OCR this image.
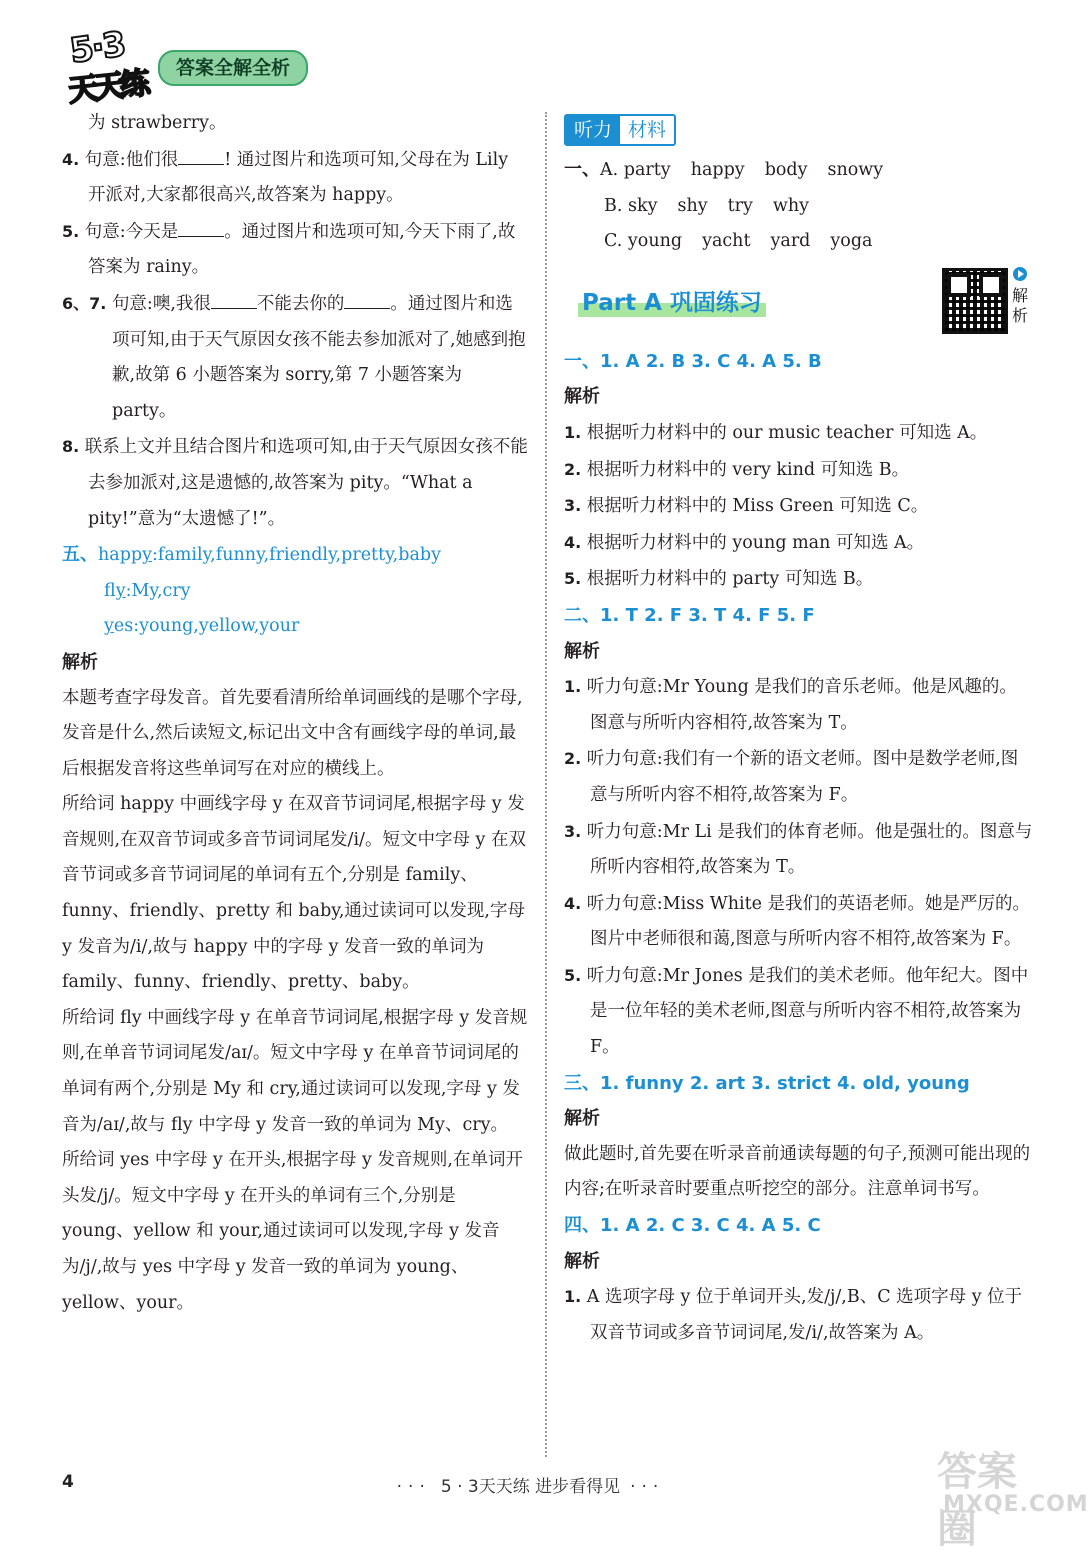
5·3
天天练	答案全解全析

为 strawberry。

4. 句意:他们很	! 通过图片和选项可知,父母在为 Lily 开派对,大家都很高兴,故答案为 happy。

5. 句意:今天是	。通过图片和选项可知,今天下雨了,故答案为 rainy。

6、7. 句意:噢,我很	不能去你的	。通过图片和选项可知,由于天气原因女孩不能去参加派对了,她感到抱歉,故第 6 小题答案为 sorry,第 7 小题答案为 party。

8. 联系上文并且结合图片和选项可知,由于天气原因女孩不能去参加派对,这是遗憾的,故答案为 pity。“What a pity!”意为“太遗憾了!”。

五、happy:family,funny,friendly,pretty,baby

fly:My,cry

yes:young,yellow,your

解析

本题考查字母发音。首先要看清所给单词画线的是哪个字母,发音是什么,然后读短文,标记出文中含有画线字母的单词,最后根据发音将这些单词写在对应的横线上。

所给词 happy 中画线字母 y 在双音节词词尾,根据字母 y 发音规则,在双音节词或多音节词词尾发/i/。短文中字母 y 在双音节词或多音节词词尾的单词有五个,分别是 family、funny、friendly、pretty 和 baby,通过读词可以发现,字母 y 发音为/i/,故与 happy 中的字母 y 发音一致的单词为 family、funny、friendly、pretty、baby。

所给词 fly 中画线字母 y 在单音节词词尾,根据字母 y 发音规则,在单音节词词尾发/aɪ/。短文中字母 y 在单音节词词尾的单词有两个,分别是 My 和 cry,通过读词可以发现,字母 y 发音为/aɪ/,故与 fly 中字母 y 发音一致的单词为 My、cry。

所给词 yes 中字母 y 在开头,根据字母 y 发音规则,在单词开头发/j/。短文中字母 y 在开头的单词有三个,分别是 young、yellow 和 your,通过读词可以发现,字母 y 发音为/j/,故与 yes 中字母 y 发音一致的单词为 young、yellow、your。

听力 材料

一、A. party happy body snowy

B. sky shy try why

C. young yacht yard yoga

Part A 巩固练习	解析

一、1. A 2. B 3. C 4. A 5. B

解析

1. 根据听力材料中的 our music teacher 可知选 A。

2. 根据听力材料中的 very kind 可知选 B。

3. 根据听力材料中的 Miss Green 可知选 C。

4. 根据听力材料中的 young man 可知选 A。

5. 根据听力材料中的 party 可知选 B。

二、1. T 2. F 3. T 4. F 5. F

解析

1. 听力句意:Mr Young 是我们的音乐老师。他是风趣的。图意与所听内容相符,故答案为 T。

2. 听力句意:我们有一个新的语文老师。图中是数学老师,图意与所听内容不相符,故答案为 F。

3. 听力句意:Mr Li 是我们的体育老师。他是强壮的。图意与所听内容相符,故答案为 T。

4. 听力句意:Miss White 是我们的英语老师。她是严厉的。图片中老师很和蔼,图意与所听内容不相符,故答案为 F。

5. 听力句意:Mr Jones 是我们的美术老师。他年纪大。图中是一位年轻的美术老师,图意与所听内容不相符,故答案为 F。

三、1. funny 2. art 3. strict 4. old, young

解析

做此题时,首先要在听录音前通读每题的句子,预测可能出现的内容;在听录音时要重点听挖空的部分。注意单词书写。

四、1. A 2. C 3. C 4. A 5. C

解析

1. A 选项字母 y 位于单词开头,发/j/,B、C 选项字母 y 位于双音节词或多音节词词尾,发/i/,故答案为 A。

4	··· 5 · 3天天练 进步看得见 ···	答案圈
MXQE.COM
